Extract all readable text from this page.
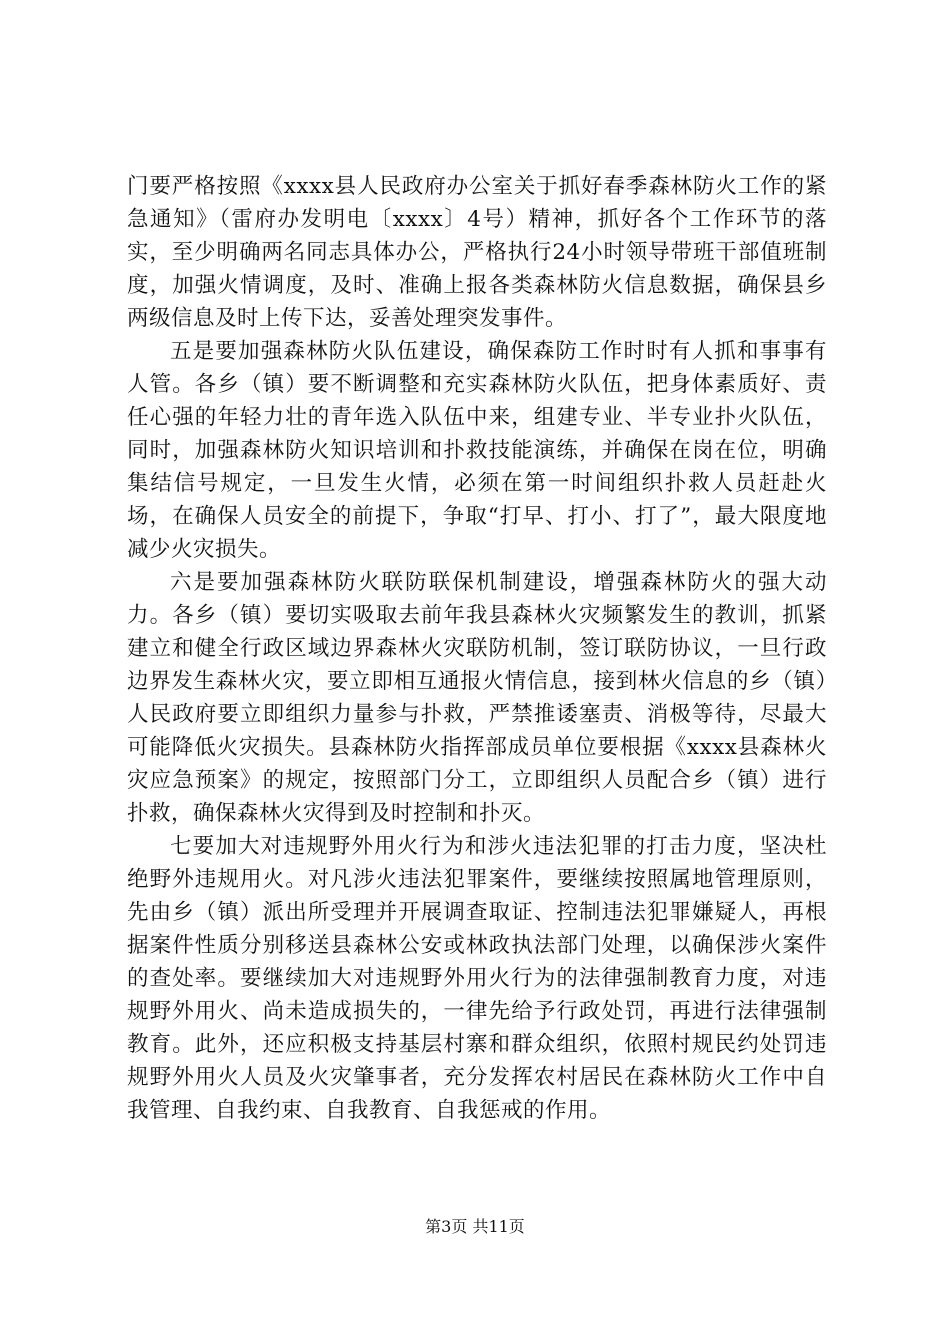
门要严格按照《xxxx县人民政府办公室关于抓好春季森林防火工作的紧急通知》（雷府办发明电〔xxxx〕4号）精神，抓好各个工作环节的落实，至少明确两名同志具体办公，严格执行24小时领导带班干部值班制度，加强火情调度，及时、准确上报各类森林防火信息数据，确保县乡两级信息及时上传下达，妥善处理突发事件。

五是要加强森林防火队伍建设，确保森防工作时时有人抓和事事有人管。各乡（镇）要不断调整和充实森林防火队伍，把身体素质好、责任心强的年轻力壮的青年选入队伍中来，组建专业、半专业扑火队伍，同时，加强森林防火知识培训和扑救技能演练，并确保在岗在位，明确集结信号规定，一旦发生火情，必须在第一时间组织扑救人员赶赴火场，在确保人员安全的前提下，争取“打早、打小、打了”，最大限度地减少火灾损失。

六是要加强森林防火联防联保机制建设，增强森林防火的强大动力。各乡（镇）要切实吸取去前年我县森林火灾频繁发生的教训，抓紧建立和健全行政区域边界森林火灾联防机制，签订联防协议，一旦行政边界发生森林火灾，要立即相互通报火情信息，接到林火信息的乡（镇）人民政府要立即组织力量参与扑救，严禁推诿塞责、消极等待，尽最大可能降低火灾损失。县森林防火指挥部成员单位要根据《xxxx县森林火灾应急预案》的规定，按照部门分工，立即组织人员配合乡（镇）进行扑救，确保森林火灾得到及时控制和扑灭。

七要加大对违规野外用火行为和涉火违法犯罪的打击力度，坚决杜绝野外违规用火。对凡涉火违法犯罪案件，要继续按照属地管理原则，先由乡（镇）派出所受理并开展调查取证、控制违法犯罪嫌疑人，再根据案件性质分别移送县森林公安或林政执法部门处理，以确保涉火案件的查处率。要继续加大对违规野外用火行为的法律强制教育力度，对违规野外用火、尚未造成损失的，一律先给予行政处罚，再进行法律强制教育。此外，还应积极支持基层村寨和群众组织，依照村规民约处罚违规野外用火人员及火灾肇事者，充分发挥农村居民在森林防火工作中自我管理、自我约束、自我教育、自我惩戒的作用。

第3页 共11页
